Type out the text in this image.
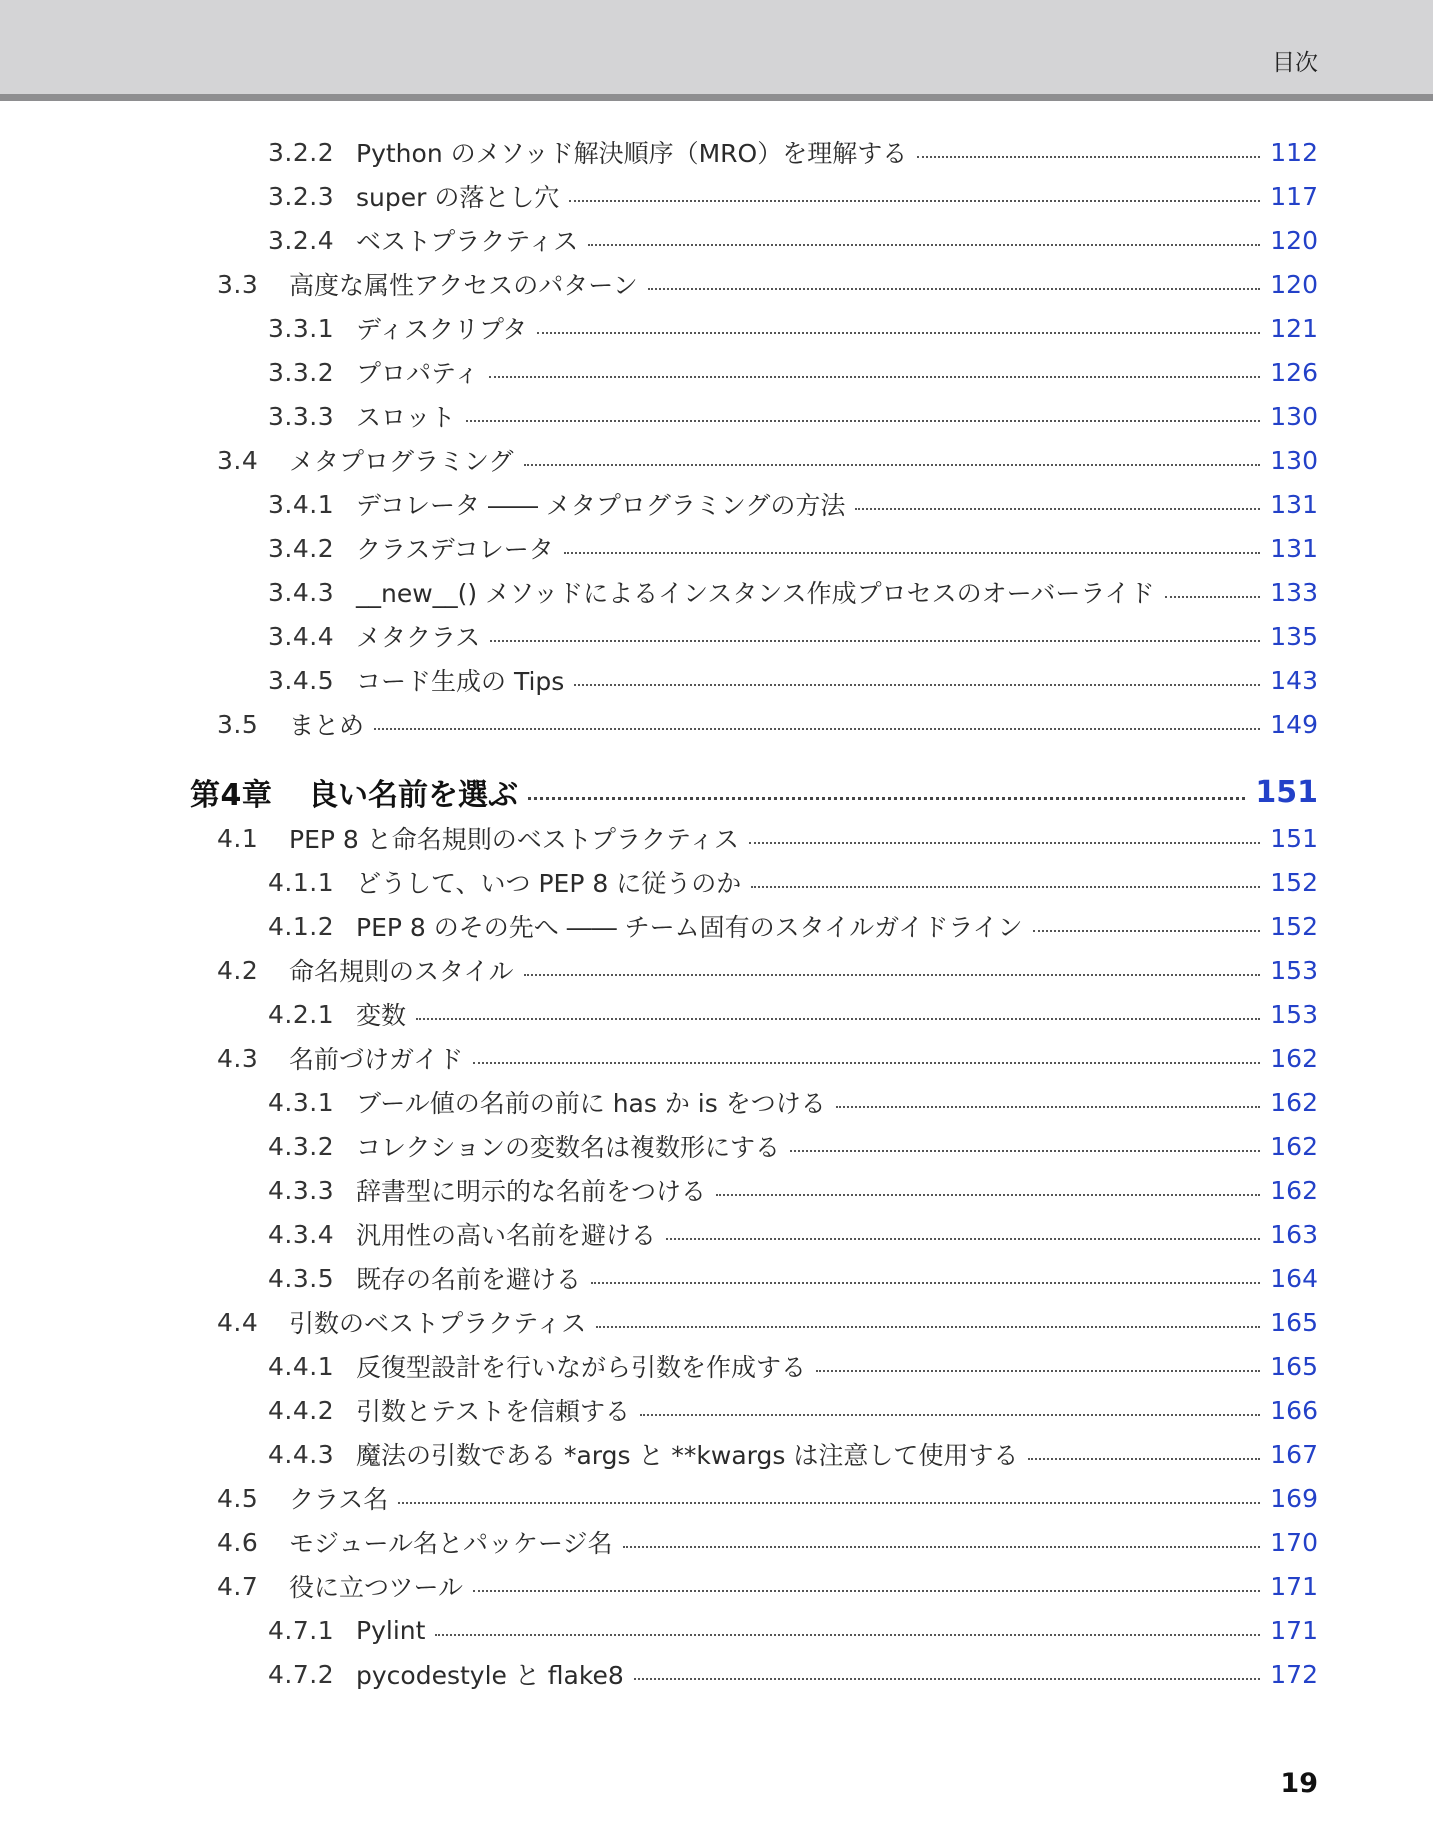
目次
3.2.2 Python のメソッド解決順序（MRO）を理解する	112
3.2.3 super の落とし穴	117
3.2.4 ベストプラクティス	120
3.3	高度な属性アクセスのパターン	120
3.3.1 ディスクリプタ	121
3.3.2 プロパティ	126
3.3.3 スロット	130
3.4	メタプログラミング	130
3.4.1 デコレータ ―― メタプログラミングの方法	131
3.4.2 クラスデコレータ	131
3.4.3 __new__() メソッドによるインスタンス作成プロセスのオーバーライド	133
3.4.4 メタクラス	135
3.4.5 コード生成の Tips	143
3.5	まとめ	149
第4章	良い名前を選ぶ	151
4.1	PEP 8 と命名規則のベストプラクティス	151
4.1.1 どうして、いつ PEP 8 に従うのか	152
4.1.2 PEP 8 のその先へ ―― チーム固有のスタイルガイドライン	152
4.2	命名規則のスタイル	153
4.2.1 変数	153
4.3	名前づけガイド	162
4.3.1 ブール値の名前の前に has か is をつける	162
4.3.2 コレクションの変数名は複数形にする	162
4.3.3 辞書型に明示的な名前をつける	162
4.3.4 汎用性の高い名前を避ける	163
4.3.5 既存の名前を避ける	164
4.4	引数のベストプラクティス	165
4.4.1 反復型設計を行いながら引数を作成する	165
4.4.2 引数とテストを信頼する	166
4.4.3 魔法の引数である *args と **kwargs は注意して使用する	167
4.5	クラス名	169
4.6	モジュール名とパッケージ名	170
4.7	役に立つツール	171
4.7.1 Pylint	171
4.7.2 pycodestyle と flake8	172
19
